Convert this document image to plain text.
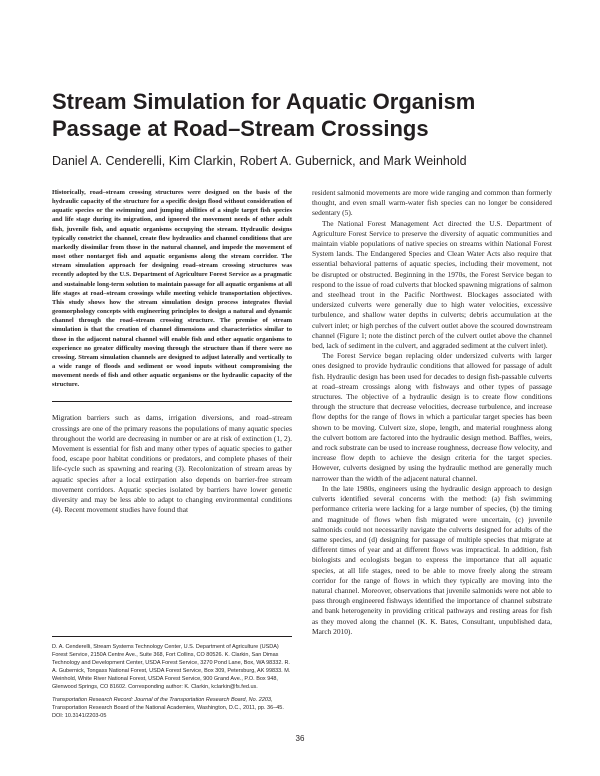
Stream Simulation for Aquatic Organism Passage at Road–Stream Crossings

Daniel A. Cenderelli, Kim Clarkin, Robert A. Gubernick, and Mark Weinhold

Historically, road–stream crossing structures were designed on the basis of the hydraulic capacity of the structure for a specific design flood without consideration of aquatic species or the swimming and jumping abilities of a single target fish species and life stage during its migration, and ignored the movement needs of other adult fish, juvenile fish, and aquatic organisms occupying the stream. Hydraulic designs typically constrict the channel, create flow hydraulics and channel conditions that are markedly dissimilar from those in the natural channel, and impede the movement of most other nontarget fish and aquatic organisms along the stream corridor. The stream simulation approach for designing road–stream crossing structures was recently adopted by the U.S. Department of Agriculture Forest Service as a pragmatic and sustainable long-term solution to maintain passage for all aquatic organisms at all life stages at road–stream crossings while meeting vehicle transportation objectives. This study shows how the stream simulation design process integrates fluvial geomorphology concepts with engineering principles to design a natural and dynamic channel through the road–stream crossing structure. The premise of stream simulation is that the creation of channel dimensions and characteristics similar to those in the adjacent natural channel will enable fish and other aquatic organisms to experience no greater difficulty moving through the structure than if there were no crossing. Stream simulation channels are designed to adjust laterally and vertically to a wide range of floods and sediment or wood inputs without compromising the movement needs of fish and other aquatic organisms or the hydraulic capacity of the structure.

Migration barriers such as dams, irrigation diversions, and road–stream crossings are one of the primary reasons the populations of many aquatic species throughout the world are decreasing in number or are at risk of extinction (1, 2). Movement is essential for fish and many other types of aquatic species to gather food, escape poor habitat conditions or predators, and complete phases of their life-cycle such as spawning and rearing (3). Recolonization of stream areas by aquatic species after a local extirpation also depends on barrier-free stream movement corridors. Aquatic species isolated by barriers have lower genetic diversity and may be less able to adapt to changing environmental conditions (4). Recent movement studies have found that

D. A. Cenderelli, Stream Systems Technology Center, U.S. Department of Agriculture (USDA) Forest Service, 2150A Centre Ave., Suite 368, Fort Collins, CO 80526. K. Clarkin, San Dimas Technology and Development Center, USDA Forest Service, 3270 Pond Lane, Box, WA 98332. R. A. Gubernick, Tongass National Forest, USDA Forest Service, Box 309, Petersburg, AK 99833. M. Weinhold, White River National Forest, USDA Forest Service, 900 Grand Ave., P.O. Box 948, Glenwood Springs, CO 81602. Corresponding author: K. Clarkin, kclarkin@fs.fed.us.

Transportation Research Record: Journal of the Transportation Research Board, No. 2203, Transportation Research Board of the National Academies, Washington, D.C., 2011, pp. 36–45.

DOI: 10.3141/2203-05

resident salmonid movements are more wide ranging and common than formerly thought, and even small warm-water fish species can no longer be considered sedentary (5).

The National Forest Management Act directed the U.S. Department of Agriculture Forest Service to preserve the diversity of aquatic communities and maintain viable populations of native species on streams within National Forest System lands. The Endangered Species and Clean Water Acts also require that essential behavioral patterns of aquatic species, including their movement, not be disrupted or obstructed. Beginning in the 1970s, the Forest Service began to respond to the issue of road culverts that blocked spawning migrations of salmon and steelhead trout in the Pacific Northwest. Blockages associated with undersized culverts were generally due to high water velocities, excessive turbulence, and shallow water depths in culverts; debris accumulation at the culvert inlet; or high perches of the culvert outlet above the scoured downstream channel (Figure 1; note the distinct perch of the culvert outlet above the channel bed, lack of sediment in the culvert, and aggraded sediment at the culvert inlet).

The Forest Service began replacing older undersized culverts with larger ones designed to provide hydraulic conditions that allowed for passage of adult fish. Hydraulic design has been used for decades to design fish-passable culverts at road–stream crossings along with fishways and other types of passage structures. The objective of a hydraulic design is to create flow conditions through the structure that decrease velocities, decrease turbulence, and increase flow depths for the range of flows in which a particular target species has been shown to be moving. Culvert size, slope, length, and material roughness along the culvert bottom are factored into the hydraulic design method. Baffles, weirs, and rock substrate can be used to increase roughness, decrease flow velocity, and increase flow depth to achieve the design criteria for the target species. However, culverts designed by using the hydraulic method are generally much narrower than the width of the adjacent natural channel.

In the late 1980s, engineers using the hydraulic design approach to design culverts identified several concerns with the method: (a) fish swimming performance criteria were lacking for a large number of species, (b) the timing and magnitude of flows when fish migrated were uncertain, (c) juvenile salmonids could not necessarily navigate the culverts designed for adults of the same species, and (d) designing for passage of multiple species that migrate at different times of year and at different flows was impractical. In addition, fish biologists and ecologists began to express the importance that all aquatic species, at all life stages, need to be able to move freely along the stream corridor for the range of flows in which they typically are moving into the natural channel. Moreover, observations that juvenile salmonids were not able to pass through engineered fishways identified the importance of channel substrate and bank heterogeneity in providing critical pathways and resting areas for fish as they moved along the channel (K. K. Bates, Consultant, unpublished data, March 2010).

36
